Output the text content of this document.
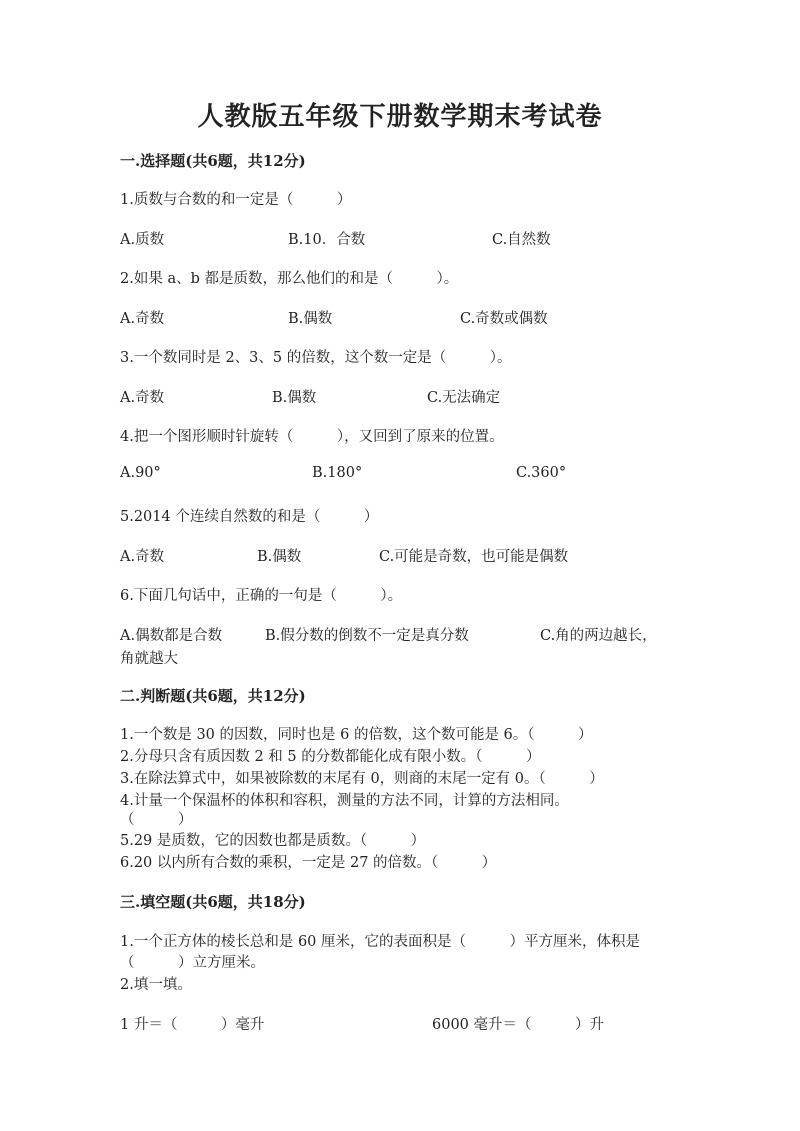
人教版五年级下册数学期末考试卷
一.选择题(共6题，共12分)
1.质数与合数的和一定是（　　　）
A.质数	B.10．合数	C.自然数
2.如果 a、b 都是质数，那么他们的和是（　　　）。
A.奇数	B.偶数	C.奇数或偶数
3.一个数同时是 2、3、5 的倍数，这个数一定是（　　　）。
A.奇数	B.偶数	C.无法确定
4.把一个图形顺时针旋转（　　　），又回到了原来的位置。
A.90°	B.180°	C.360°
5.2014 个连续自然数的和是（　　　）
A.奇数	B.偶数	C.可能是奇数，也可能是偶数
6.下面几句话中，正确的一句是（　　　）。
A.偶数都是合数	B.假分数的倒数不一定是真分数	C.角的两边越长，
角就越大
二.判断题(共6题，共12分)
1.一个数是 30 的因数，同时也是 6 的倍数，这个数可能是 6。（　　　）
2.分母只含有质因数 2 和 5 的分数都能化成有限小数。（　　　）
3.在除法算式中，如果被除数的末尾有 0，则商的末尾一定有 0。（　　　）
4.计量一个保温杯的体积和容积，测量的方法不同，计算的方法相同。
（　　　）
5.29 是质数，它的因数也都是质数。（　　　）
6.20 以内所有合数的乘积，一定是 27 的倍数。（　　　）
三.填空题(共6题，共18分)
1.一个正方体的棱长总和是 60 厘米，它的表面积是（　　　）平方厘米，体积是
（　　　）立方厘米。
2.填一填。
1 升＝（　　　）毫升	6000 毫升＝（　　　）升
